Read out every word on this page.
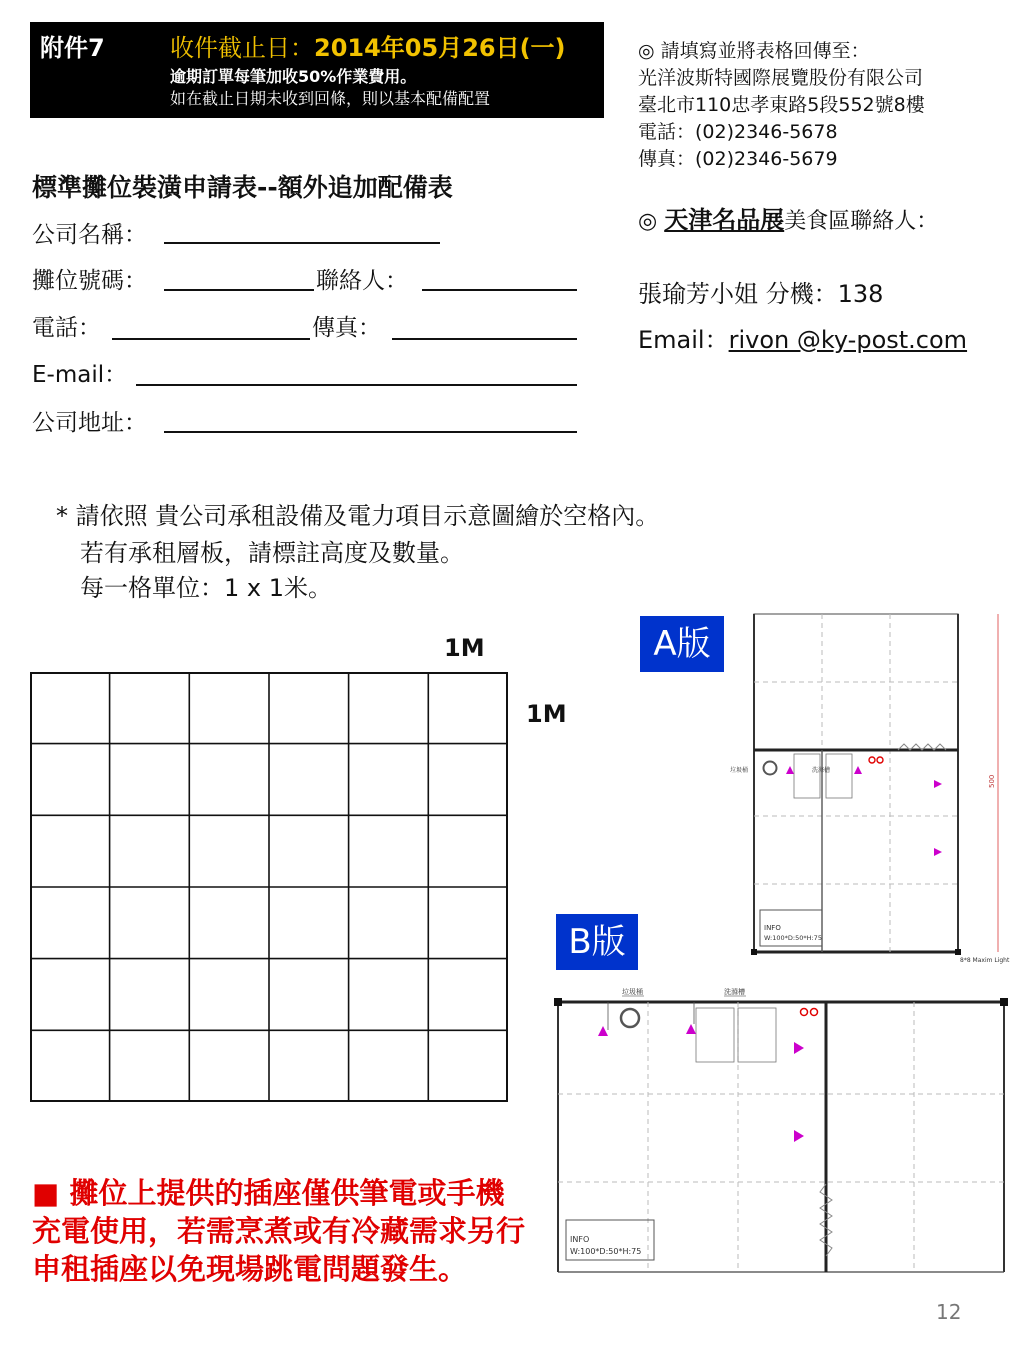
附件7	收件截止日：2014年05月26日(一)
逾期訂單每筆加收50%作業費用。
如在截止日期未收到回條，則以基本配備配置
◎ 請填寫並將表格回傳至：
光洋波斯特國際展覽股份有限公司
臺北市110忠孝東路5段552號8樓
電話：(02)2346-5678
傳真：(02)2346-5679
◎ 天津名品展美食區聯絡人：
張瑜芳小姐 分機：138
Email：rivon @ky-post.com
標準攤位裝潢申請表--額外追加配備表
公司名稱：
攤位號碼：	聯絡人：
電話：	傳真：
E-mail：
公司地址：
* 請依照 貴公司承租設備及電力項目示意圖繪於空格內。
若有承租層板，請標註高度及數量。
每一格單位：1 x 1米。
1M
1M
A版
500
垃圾桶	洗滌槽
INFO
W:100*D:50*H:75
8*8 Maxim Light
B版
垃圾桶	洗滌槽
INFO
W:100*D:50*H:75
■ 攤位上提供的插座僅供筆電或手機充電使用，若需烹煮或有冷藏需求另行申租插座以免現場跳電問題發生。
12
